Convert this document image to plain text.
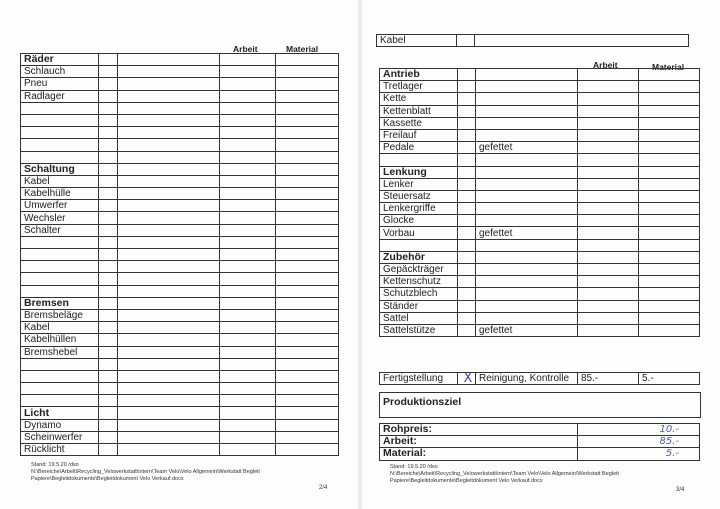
Arbeit	Material
Räder				
Schlauch				
Pneu				
Radlager				

Schaltung				
Kabel				
Kabelhülle				
Umwerfer				
Wechsler				
Schalter				

Bremsen				
Bremsbeläge				
Kabel				
Kabelhüllen				
Bremshebel				

Licht				
Dynamo				
Scheinwerfer				
Rücklicht				
Stand: 19.5.20 /dso
N:\Bereiche\Arbeit\Recycling_Velowerkstatt\intern\Team Velo\Velo Allgemein\Werkstatt Begleit Papiere\Begleitdokumente\Begleitdokument Velo Verkauf.docx
2/4
Kabel		
Arbeit	Material
Antrieb				
Tretlager				
Kette				
Kettenblatt				
Kassette				
Freilauf				
Pedale		gefettet		

Lenkung				
Lenker				
Steuersatz				
Lenkergriffe				
Glocke				
Vorbau		gefettet		

Zubehör				
Gepäckträger				
Kettenschutz				
Schutzblech				
Ständer				
Sattel				
Sattelstütze		gefettet		
Fertigstellung	X	Reinigung, Kontrolle	85.-	5.-
Produktionsziel
Rohpreis:	10.-
Arbeit:	85.-
Material:	5.-
Stand: 19.5.20 /dso
N:\Bereiche\Arbeit\Recycling_Velowerkstatt\intern\Team Velo\Velo Allgemein\Werkstatt Begleit Papiere\Begleitdokumente\Begleitdokument Velo Verkauf.docx
3/4
